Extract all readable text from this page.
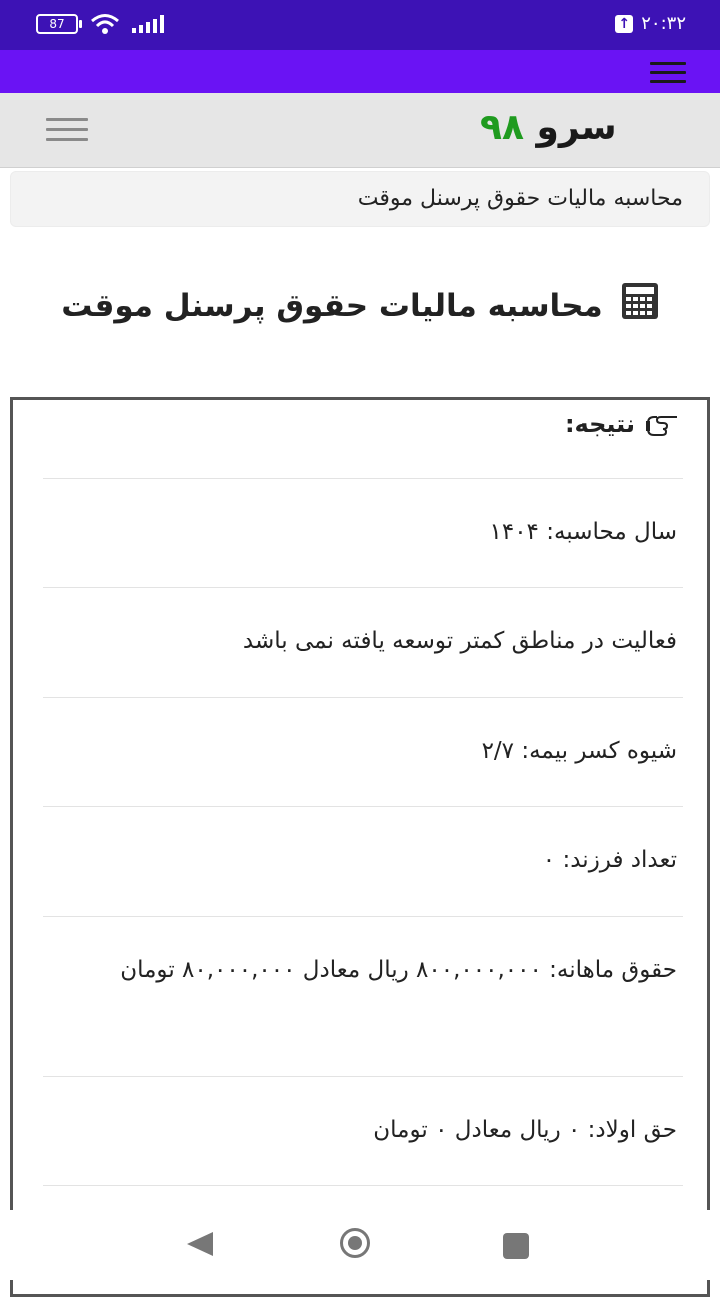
87	↑ ۲۰:۳۲
سرو ۹۸
محاسبه مالیات حقوق پرسنل موقت
محاسبه مالیات حقوق پرسنل موقت
نتیجه:
سال محاسبه: ۱۴۰۴
فعالیت در مناطق کمتر توسعه یافته نمی باشد
شیوه کسر بیمه: ۲/۷
تعداد فرزند: ۰
حقوق ماهانه: ۸۰۰,۰۰۰,۰۰۰ ریال معادل ۸۰,۰۰۰,۰۰۰ تومان
حق اولاد: ۰ ریال معادل ۰ تومان
